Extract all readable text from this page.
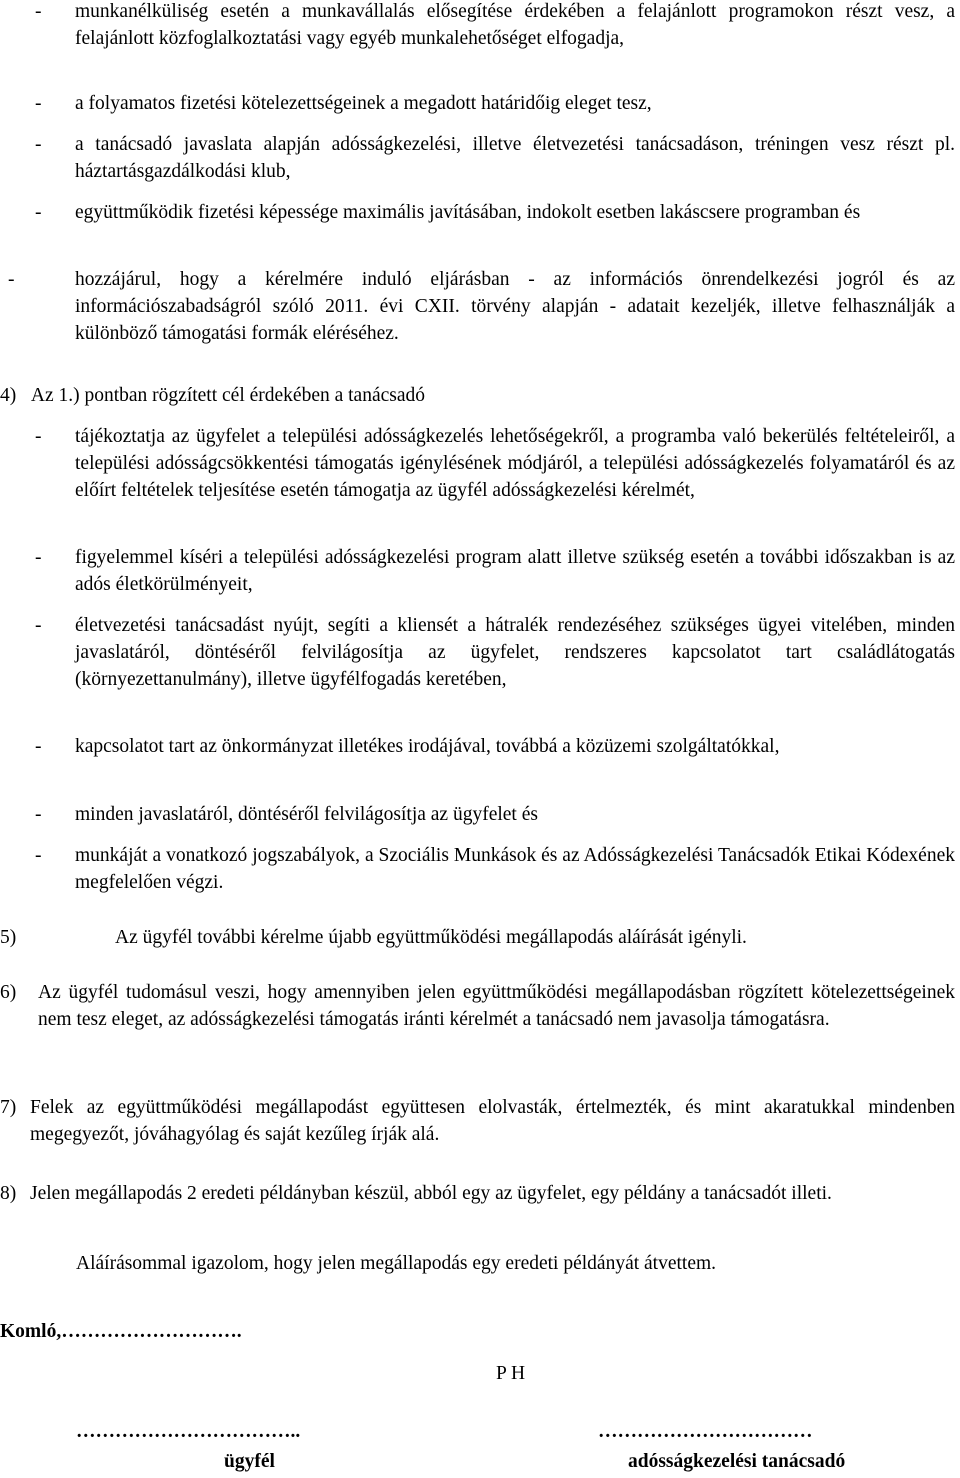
- munkanélküliség esetén a munkavállalás elősegítése érdekében a felajánlott programokon részt vesz, a felajánlott közfoglalkoztatási vagy egyéb munkalehetőséget elfogadja,
- a folyamatos fizetési kötelezettségeinek a megadott határidőig eleget tesz,
- a tanácsadó javaslata alapján adósságkezelési, illetve életvezetési tanácsadáson, tréningen vesz részt pl. háztartásgazdálkodási klub,
- együttműködik fizetési képessége maximális javításában, indokolt esetben lakáscsere programban és
-	hozzájárul, hogy a kérelmére induló eljárásban - az információs önrendelkezési jogról és az információszabadságról szóló 2011. évi CXII. törvény alapján - adatait kezeljék, illetve felhasználják a különböző támogatási formák eléréséhez.
4)   Az 1.) pontban rögzített cél érdekében a tanácsadó
- tájékoztatja az ügyfelet a települési adósságkezelés lehetőségekről, a programba való bekerülés feltételeiről, a települési adósságcsökkentési támogatás igénylésének módjáról, a települési adósságkezelés folyamatáról és az előírt feltételek teljesítése esetén támogatja az ügyfél adósságkezelési kérelmét,
- figyelemmel kíséri a települési adósságkezelési program alatt illetve szükség esetén a további időszakban is az adós életkörülményeit,
- életvezetési tanácsadást nyújt, segíti a kliensét a hátralék rendezéséhez szükséges ügyei vitelében, minden javaslatáról, döntéséről felvilágosítja az ügyfelet, rendszeres kapcsolatot tart családlátogatás (környezettanulmány), illetve ügyfélfogadás keretében,
- kapcsolatot tart az önkormányzat illetékes irodájával, továbbá a közüzemi szolgáltatókkal,
- minden javaslatáról, döntéséről felvilágosítja az ügyfelet és
- munkáját a vonatkozó jogszabályok, a Szociális Munkások és az Adósságkezelési Tanácsadók Etikai Kódexének megfelelően végzi.
5)	Az ügyfél további kérelme újabb együttműködési megállapodás aláírását igényli.
6) Az ügyfél tudomásul veszi, hogy amennyiben jelen együttműködési megállapodásban rögzített kötelezettségeinek nem tesz eleget, az adósságkezelési támogatás iránti kérelmét a tanácsadó nem javasolja támogatásra.
7) Felek az együttműködési megállapodást együttesen elolvasták, értelmezték, és mint akaratukkal mindenben megegyezőt, jóváhagyólag és saját kezűleg írják alá.
8) Jelen megállapodás 2 eredeti példányban készül, abból egy az ügyfelet, egy példány a tanácsadót illeti.
Aláírásommal igazolom, hogy jelen megállapodás egy eredeti példányát átvettem.
Komló,……………………….
P H
……………………………..
ügyfél
……………………………
adósságkezelési tanácsadó
